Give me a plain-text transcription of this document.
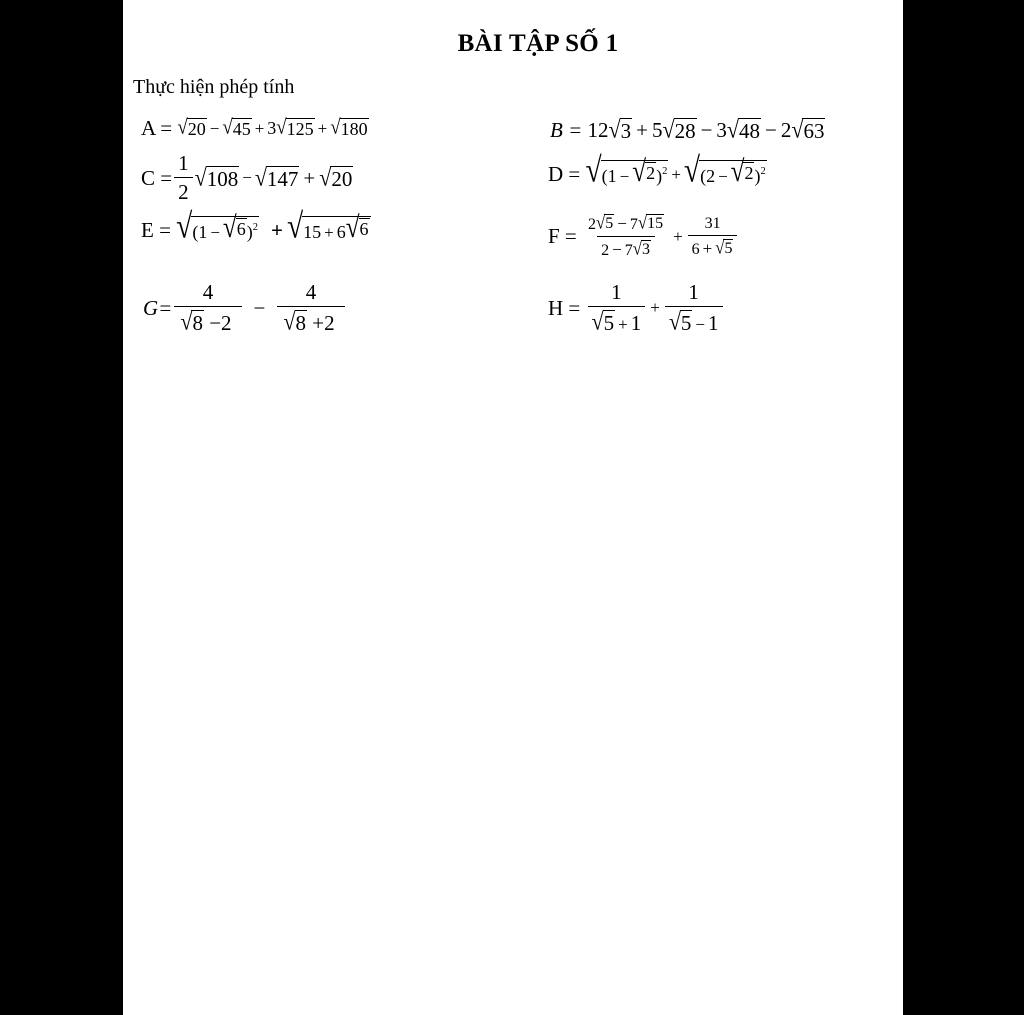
BÀI TẬP SỐ 1
Thực hiện phép tính
A =
√ 20 − √ 45 + 3 √ 125 + √ 180	B =
12 √ 3 + 5 √ 28 − 3 √ 48 − 2 √ 63
$C = \frac{1}{2}$ √ 108 − √ 147 + √ 20	D =
√ (1 − √ 2 )$^2$ + √ (2 − √ 2 )$^2$
E =
√ (1 − √ 6 )$^2$ + √ 15 + 6 √ 6	F =
$\frac{2 √ 5 - 7 √ 15}{2 - 7 √ 3} + \frac{31}{6 + √ 5}$
$G= \frac{4}{√ 8 -2} - \frac{4}{√ 8 +2}$	H =
$\frac{1}{√ 5 + 1} + \frac{1}{√ 5 - 1}$
